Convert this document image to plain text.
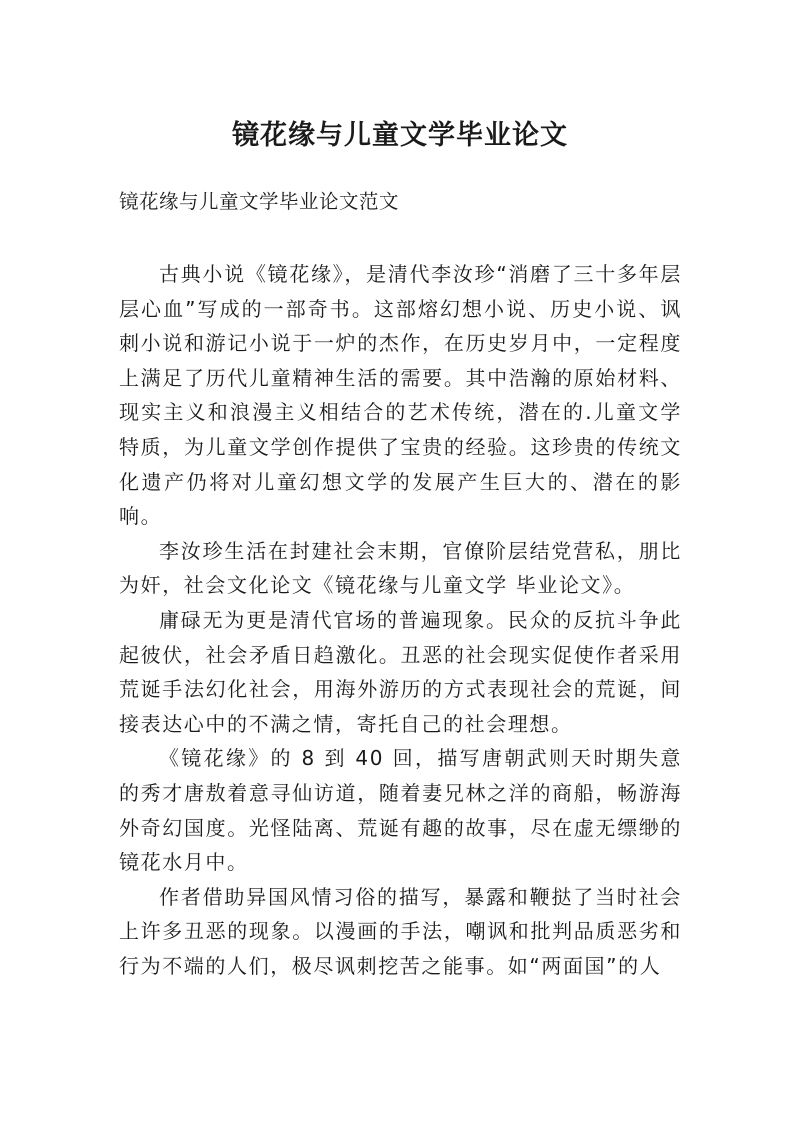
镜花缘与儿童文学毕业论文
镜花缘与儿童文学毕业论文范文

古典小说《镜花缘》，是清代李汝珍“消磨了三十多年层层心血”写成的一部奇书。这部熔幻想小说、历史小说、讽刺小说和游记小说于一炉的杰作，在历史岁月中，一定程度上满足了历代儿童精神生活的需要。其中浩瀚的原始材料、现实主义和浪漫主义相结合的艺术传统，潜在的.儿童文学特质，为儿童文学创作提供了宝贵的经验。这珍贵的传统文化遗产仍将对儿童幻想文学的发展产生巨大的、潜在的影响。

李汝珍生活在封建社会末期，官僚阶层结党营私，朋比为奸，社会文化论文《镜花缘与儿童文学 毕业论文》。

庸碌无为更是清代官场的普遍现象。民众的反抗斗争此起彼伏，社会矛盾日趋激化。丑恶的社会现实促使作者采用荒诞手法幻化社会，用海外游历的方式表现社会的荒诞，间接表达心中的不满之情，寄托自己的社会理想。

《镜花缘》的 8 到 40 回，描写唐朝武则天时期失意的秀才唐敖着意寻仙访道，随着妻兄林之洋的商船，畅游海外奇幻国度。光怪陆离、荒诞有趣的故事，尽在虚无缥缈的镜花水月中。

作者借助异国风情习俗的描写，暴露和鞭挞了当时社会上许多丑恶的现象。以漫画的手法，嘲讽和批判品质恶劣和行为不端的人们，极尽讽刺挖苦之能事。如“两面国”的人
